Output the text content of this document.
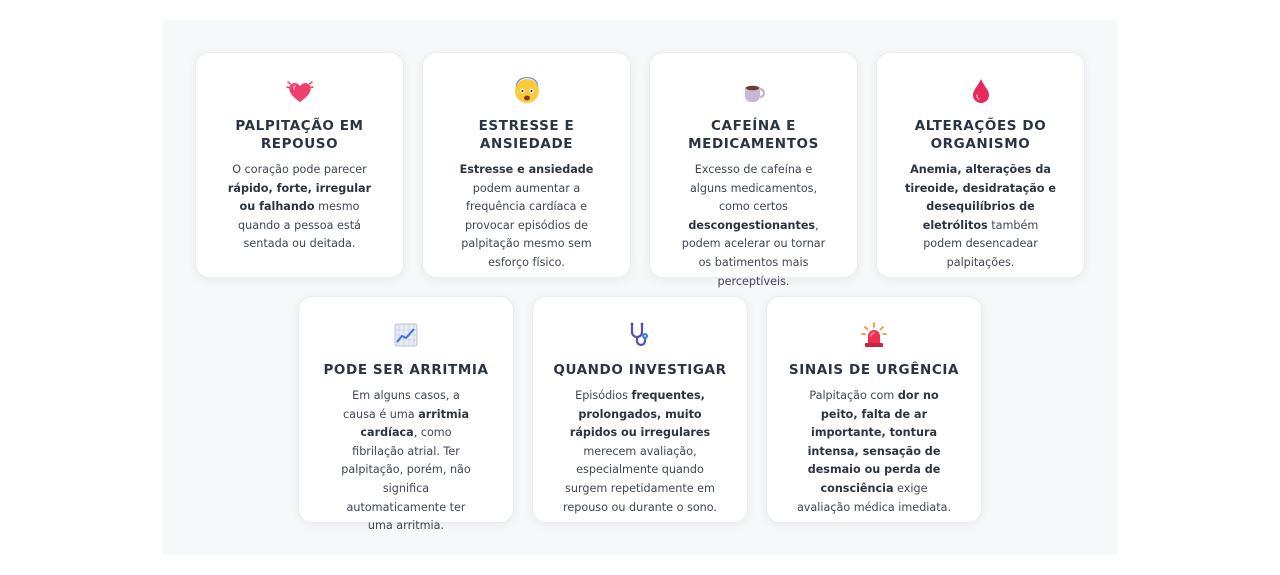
PALPITAÇÃO EM REPOUSO
O coração pode parecer rápido, forte, irregular ou falhando mesmo quando a pessoa está sentada ou deitada.
ESTRESSE E ANSIEDADE
Estresse e ansiedade podem aumentar a frequência cardíaca e provocar episódios de palpitação mesmo sem esforço físico.
CAFEÍNA E MEDICAMENTOS
Excesso de cafeína e alguns medicamentos, como certos descongestionantes, podem acelerar ou tornar os batimentos mais perceptíveis.
ALTERAÇÕES DO ORGANISMO
Anemia, alterações da tireoide, desidratação e desequilíbrios de eletrólitos também podem desencadear palpitações.
PODE SER ARRITMIA
Em alguns casos, a causa é uma arritmia cardíaca, como fibrilação atrial. Ter palpitação, porém, não significa automaticamente ter uma arritmia.
QUANDO INVESTIGAR
Episódios frequentes, prolongados, muito rápidos ou irregulares merecem avaliação, especialmente quando surgem repetidamente em repouso ou durante o sono.
SINAIS DE URGÊNCIA
Palpitação com dor no peito, falta de ar importante, tontura intensa, sensação de desmaio ou perda de consciência exige avaliação médica imediata.
